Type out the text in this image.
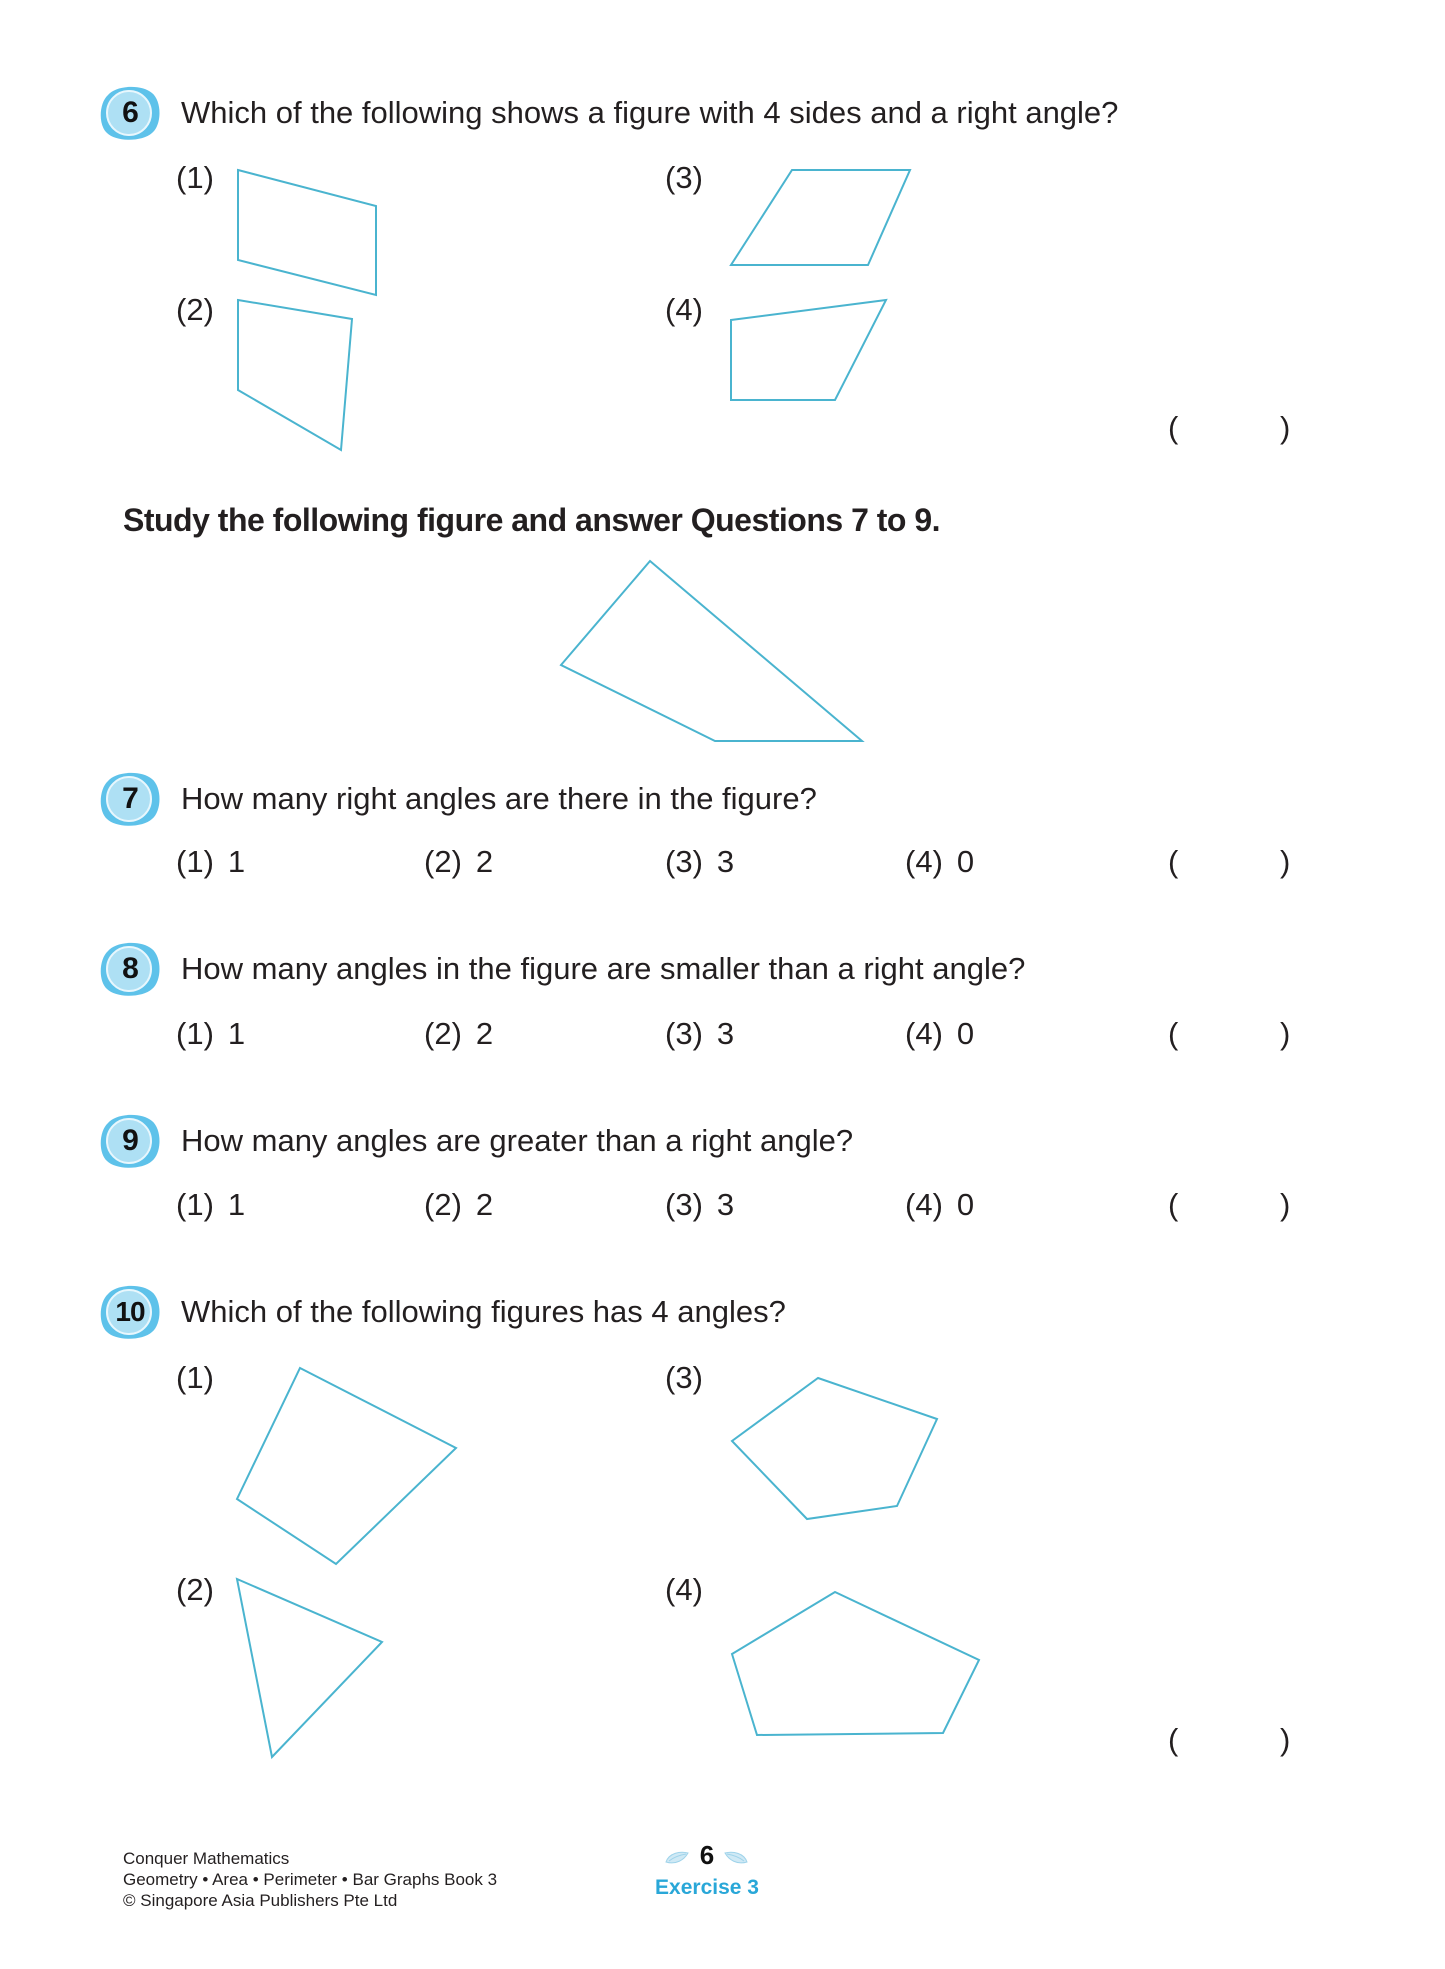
6	Which of the following shows a figure with 4 sides and a right angle?
(1)
(2)
(3)
(4)
(	)
Study the following figure and answer Questions 7 to 9.
7	How many right angles are there in the figure?
(1) 1	(2) 2	(3) 3	(4) 0	(	)
8	How many angles in the figure are smaller than a right angle?
(1) 1	(2) 2	(3) 3	(4) 0	(	)
9	How many angles are greater than a right angle?
(1) 1	(2) 2	(3) 3	(4) 0	(	)
10	Which of the following figures has 4 angles?
(1)
(2)
(3)
(4)
(	)
Conquer Mathematics
Geometry • Area • Perimeter • Bar Graphs Book 3
© Singapore Asia Publishers Pte Ltd
6
Exercise 3
